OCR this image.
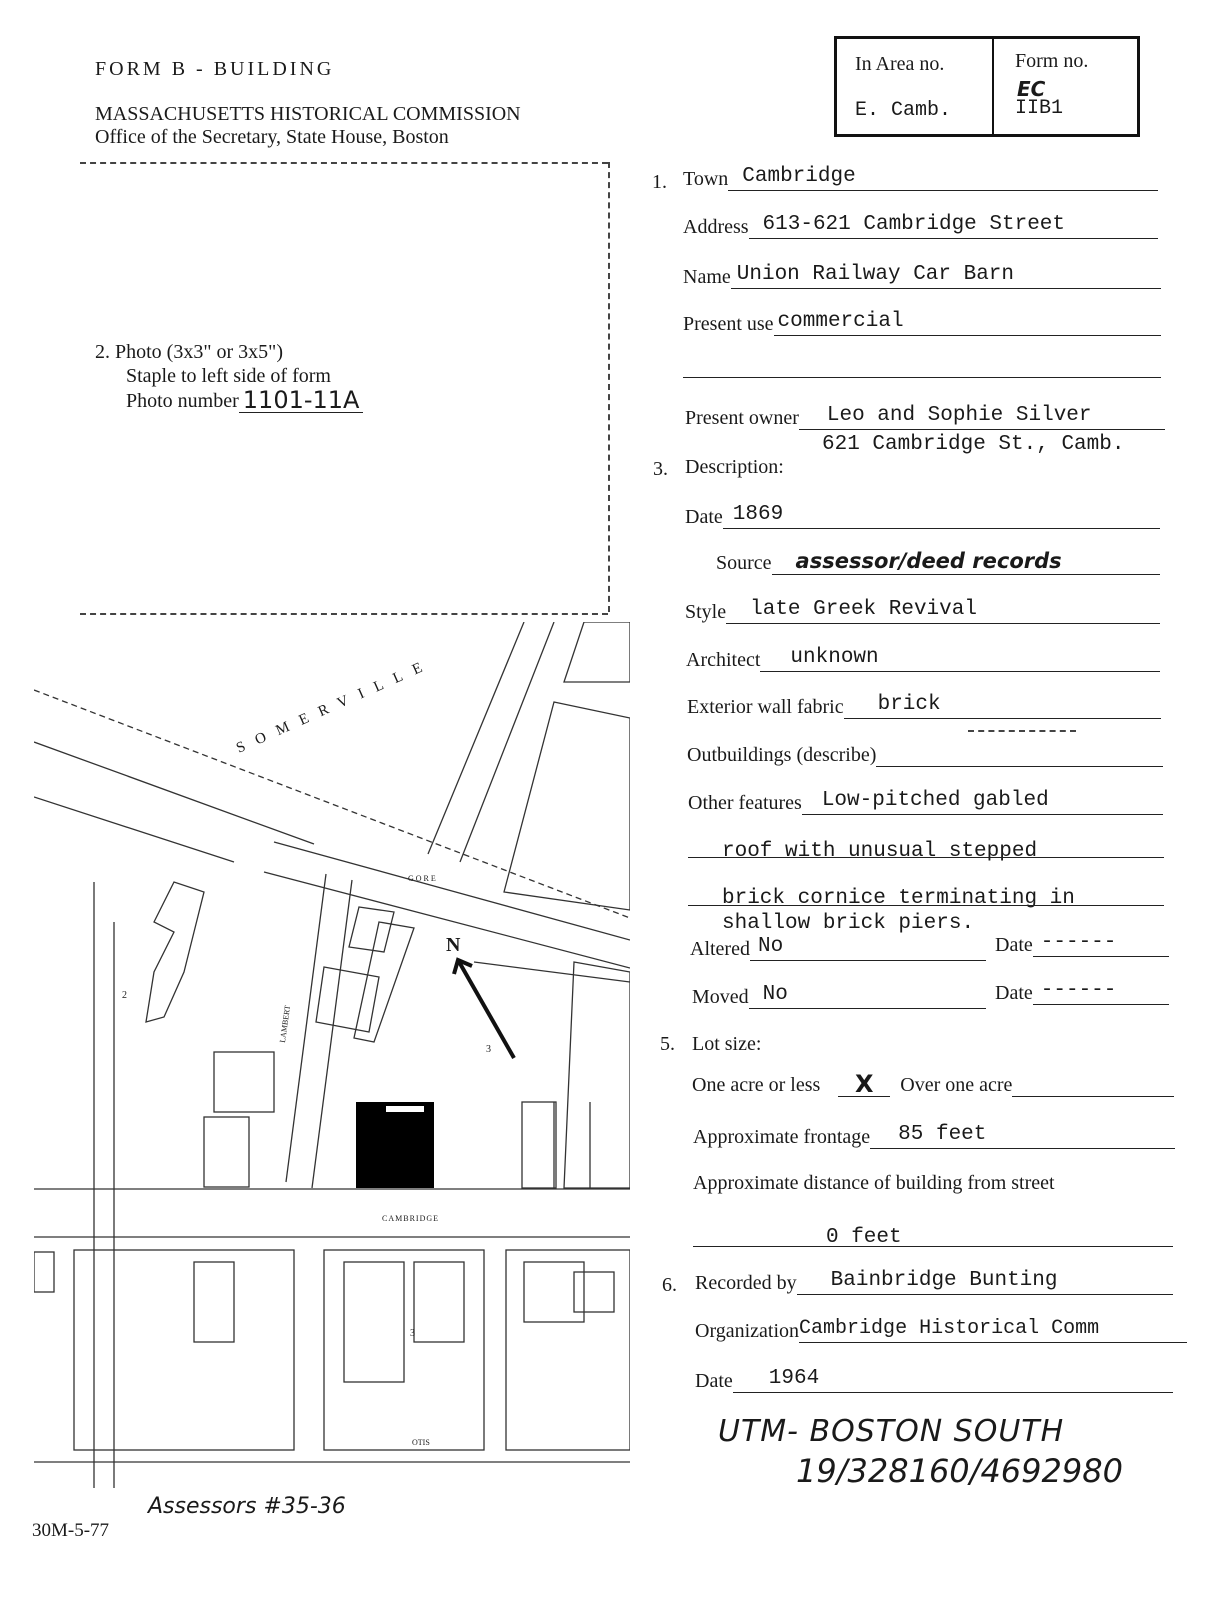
FORM B - BUILDING
MASSACHUSETTS HISTORICAL COMMISSION
Office of the Secretary, State House, Boston
In Area no.
E. Camb.
Form no.
EC
IIB1
2. Photo (3x3" or 3x5")
Staple to left side of form
Photo number 1101-11A
1. Town Cambridge
Address 613-621 Cambridge Street
Name Union Railway Car Barn
Present use commercial
Present owner	Leo and Sophie Silver
621 Cambridge St., Camb.
3. Description:
Date 1869
Source	assessor/deed records
Style	late Greek Revival
Architect	unknown
Exterior wall fabric	brick
Outbuildings (describe)
Other features Low-pitched gabled
roof with unusual stepped
brick cornice terminating in
shallow brick piers.
Altered No	Date ------
Moved No	Date ------
5. Lot size:
One acre or less	X	Over one acre
Approximate frontage	85 feet
Approximate distance of building from street
0 feet
6. Recorded by	Bainbridge Bunting
Organization Cambridge Historical Comm
Date	1964
UTM- BOSTON SOUTH
19/328160/4692980
SOMERVILLE
GORE
LAMBERT
CAMBRIDGE
OTIS
N
2
3
3
30M-5-77
Assessors #35-36
